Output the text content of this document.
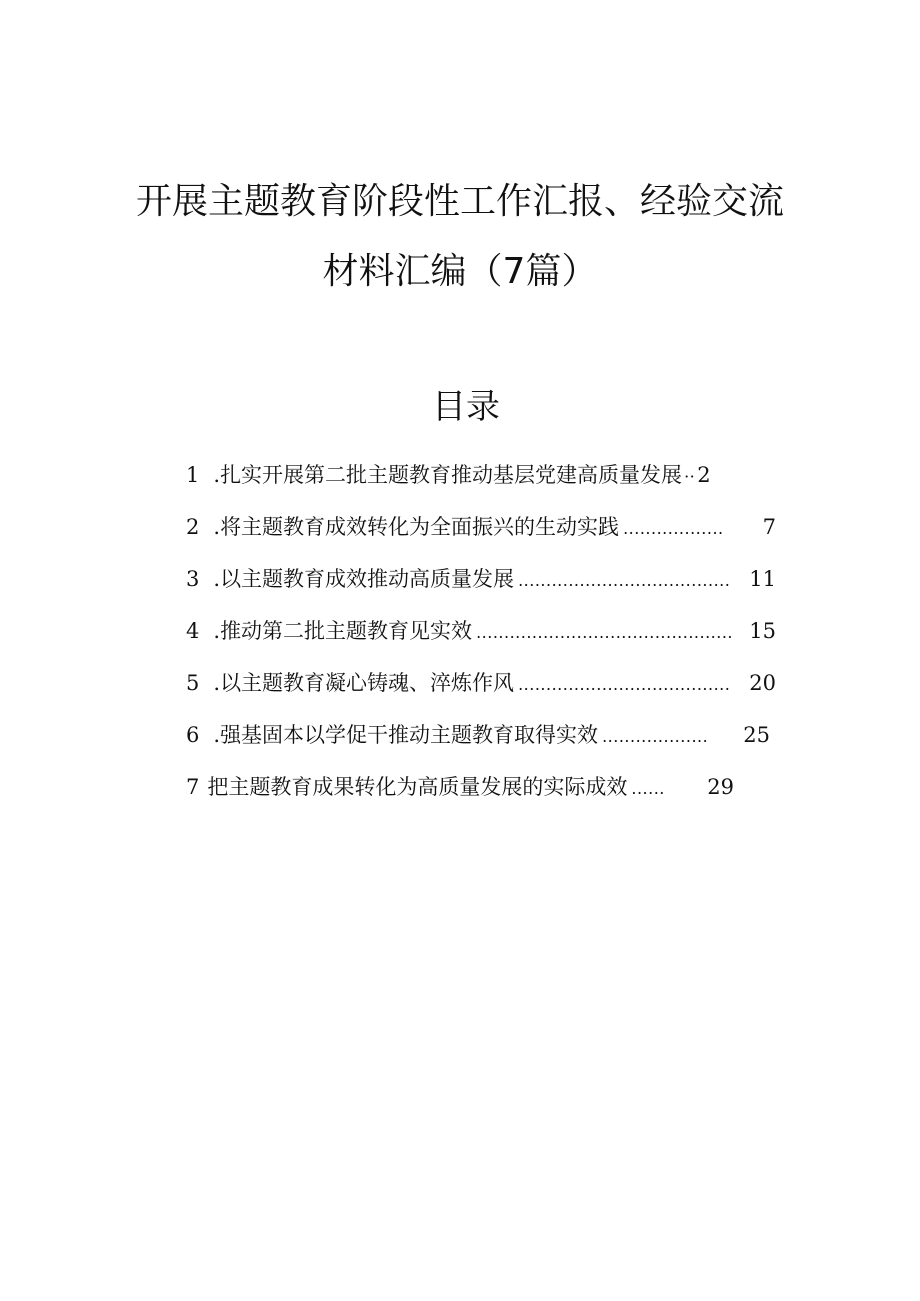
开展主题教育阶段性工作汇报、经验交流
材料汇编（7篇）
目录
1 . 扎实开展第二批主题教育推动基层党建高质量发展 ·· 2
2 . 将主题教育成效转化为全面振兴的生动实践 ..................	7
3 . 以主题教育成效推动高质量发展 ...................................... 11
4 . 推动第二批主题教育见实效 .............................................. 15
5 . 以主题教育凝心铸魂、淬炼作风 ...................................... 20
6 . 强基固本以学促干推动主题教育取得实效 ...................	25
7 把主题教育成果转化为高质量发展的实际成效 ......	29
